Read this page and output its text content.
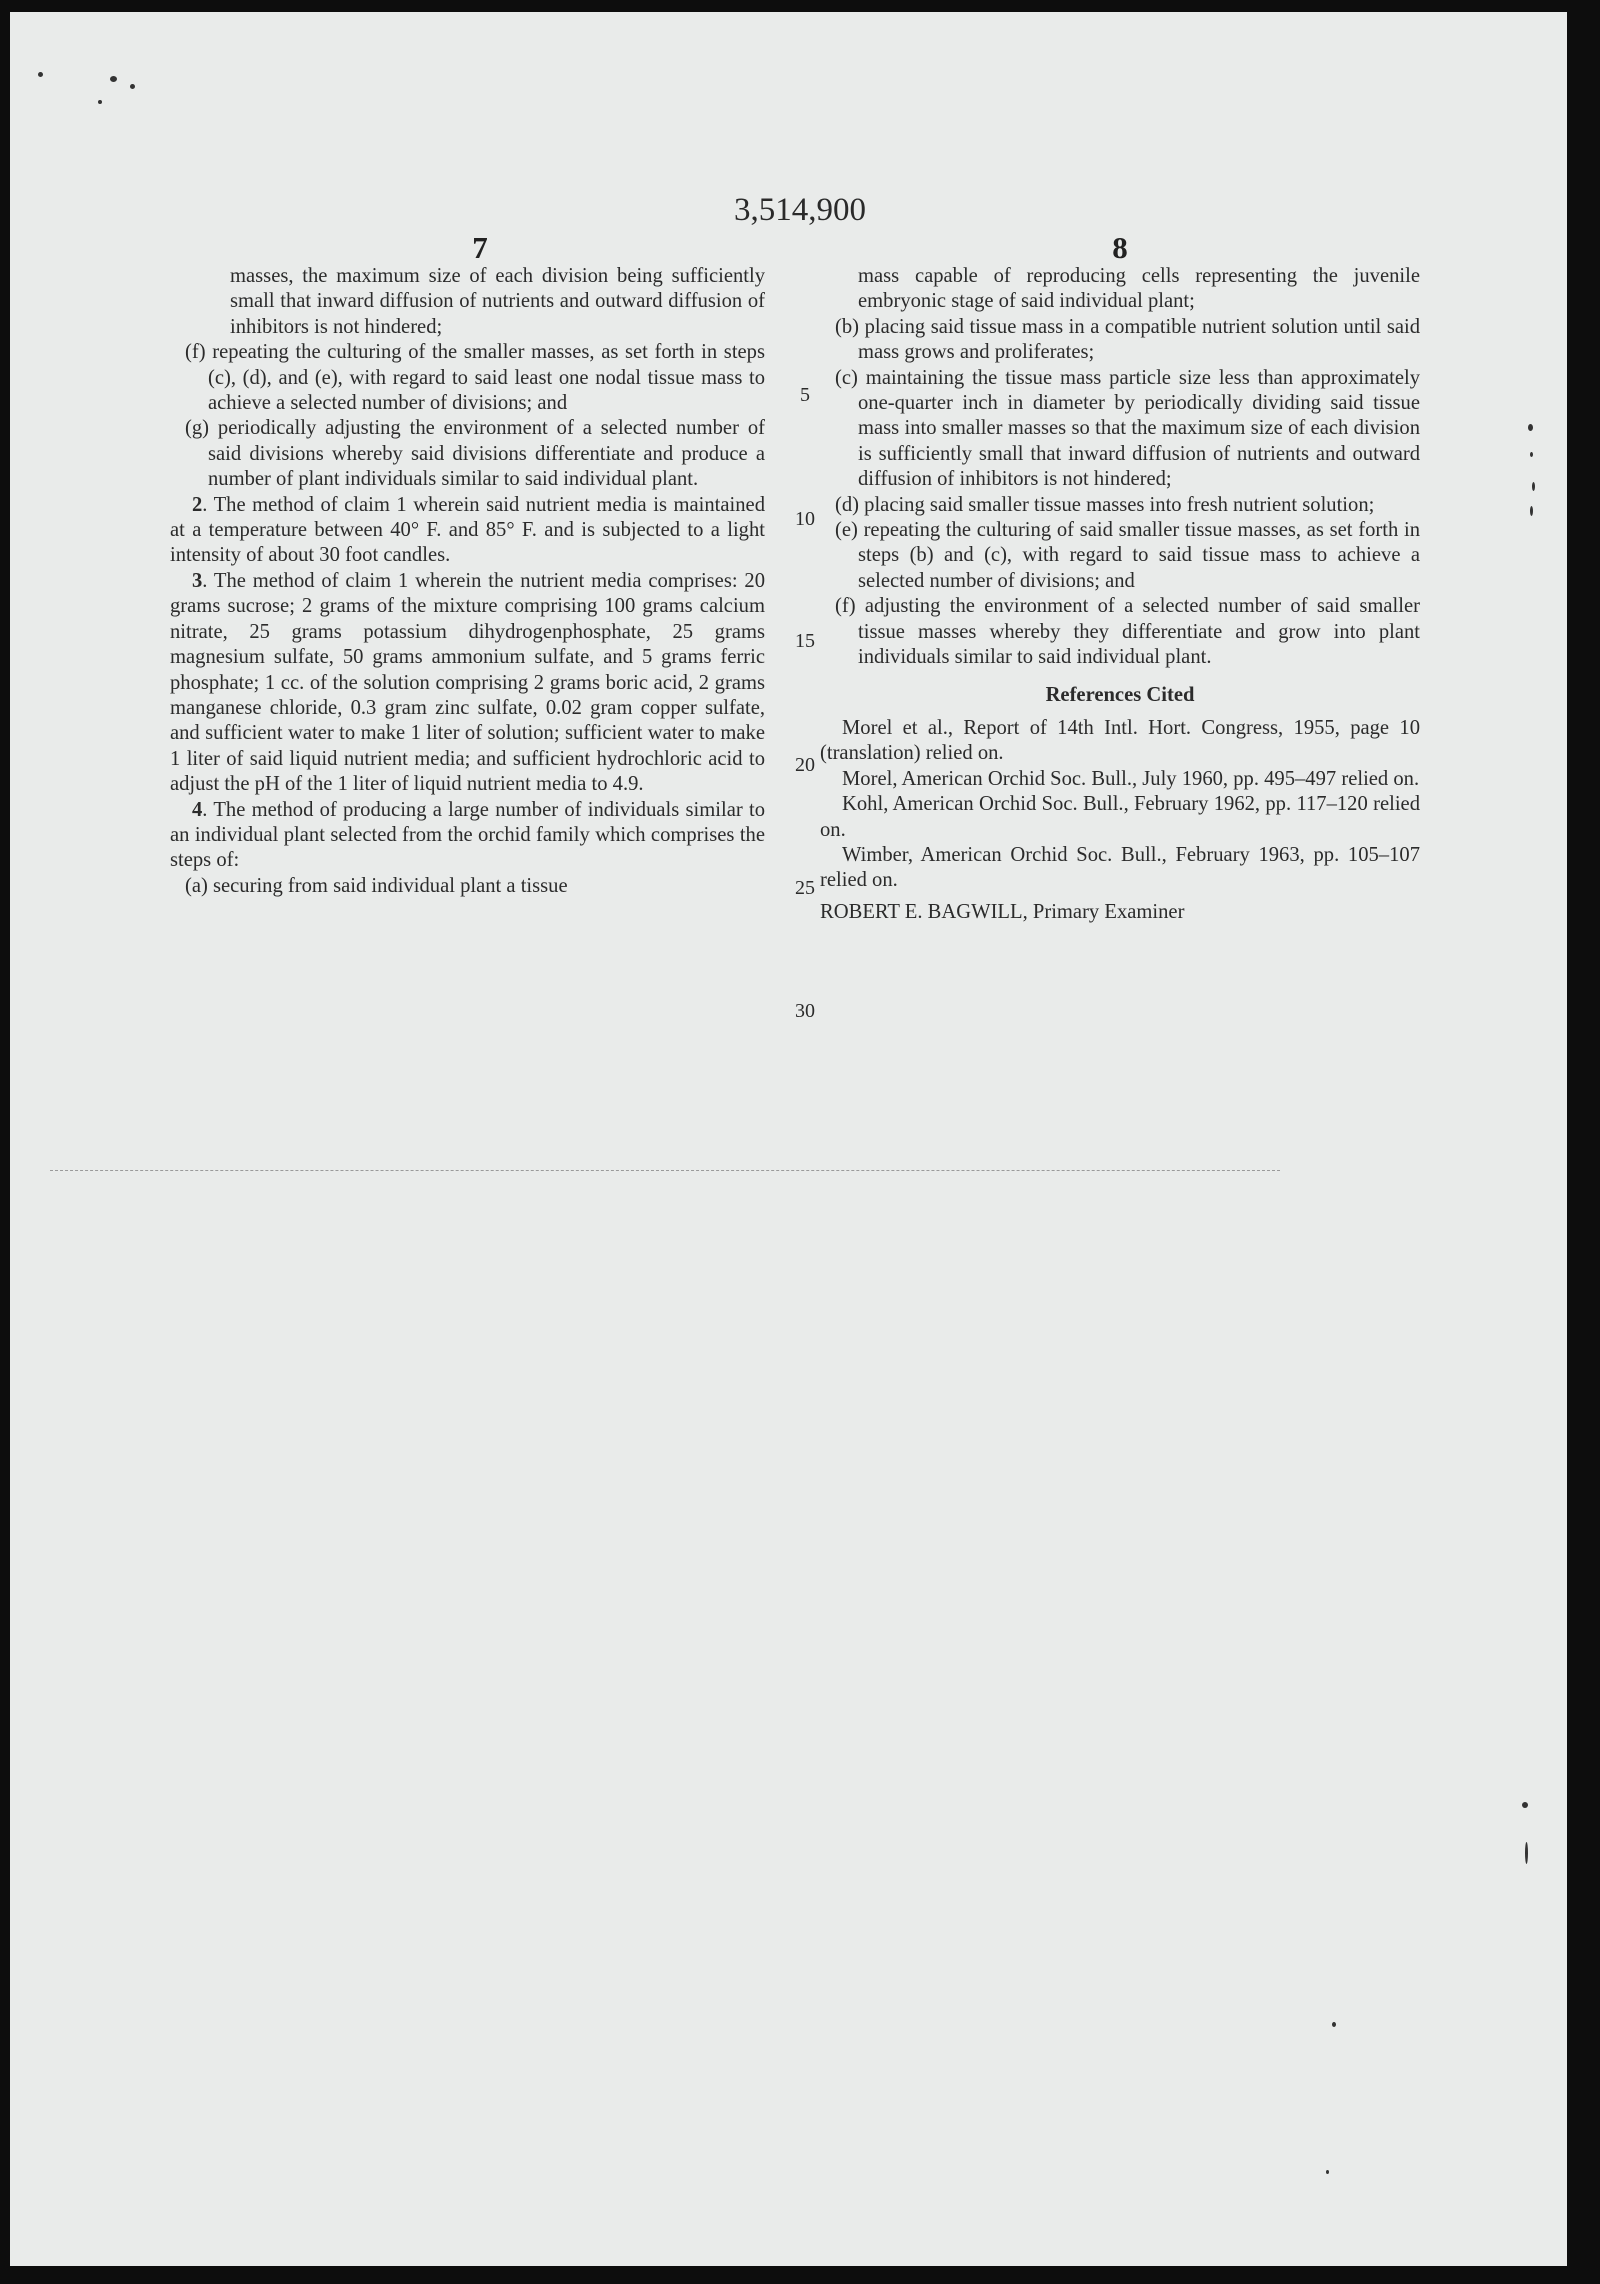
3,514,900
7	8

masses, the maximum size of each division being sufficiently small that inward diffusion of nutrients and outward diffusion of inhibitors is not hindered;

(f) repeating the culturing of the smaller masses, as set forth in steps (c), (d), and (e), with regard to said least one nodal tissue mass to achieve a selected number of divisions; and

(g) periodically adjusting the environment of a selected number of said divisions whereby said divisions differentiate and produce a number of plant individuals similar to said individual plant.

2. The method of claim 1 wherein said nutrient media is maintained at a temperature between 40° F. and 85° F. and is subjected to a light intensity of about 30 foot candles.

3. The method of claim 1 wherein the nutrient media comprises: 20 grams sucrose; 2 grams of the mixture comprising 100 grams calcium nitrate, 25 grams potassium dihydrogenphosphate, 25 grams magnesium sulfate, 50 grams ammonium sulfate, and 5 grams ferric phosphate; 1 cc. of the solution comprising 2 grams boric acid, 2 grams manganese chloride, 0.3 gram zinc sulfate, 0.02 gram copper sulfate, and sufficient water to make 1 liter of solution; sufficient water to make 1 liter of said liquid nutrient media; and sufficient hydrochloric acid to adjust the pH of the 1 liter of liquid nutrient media to 4.9.

4. The method of producing a large number of individuals similar to an individual plant selected from the orchid family which comprises the steps of:

(a) securing from said individual plant a tissue

5
10
15
20
25
30

mass capable of reproducing cells representing the juvenile embryonic stage of said individual plant;

(b) placing said tissue mass in a compatible nutrient solution until said mass grows and proliferates;

(c) maintaining the tissue mass particle size less than approximately one-quarter inch in diameter by periodically dividing said tissue mass into smaller masses so that the maximum size of each division is sufficiently small that inward diffusion of nutrients and outward diffusion of inhibitors is not hindered;

(d) placing said smaller tissue masses into fresh nutrient solution;

(e) repeating the culturing of said smaller tissue masses, as set forth in steps (b) and (c), with regard to said tissue mass to achieve a selected number of divisions; and

(f) adjusting the environment of a selected number of said smaller tissue masses whereby they differentiate and grow into plant individuals similar to said individual plant.

References Cited

Morel et al., Report of 14th Intl. Hort. Congress, 1955, page 10 (translation) relied on.

Morel, American Orchid Soc. Bull., July 1960, pp. 495–497 relied on.

Kohl, American Orchid Soc. Bull., February 1962, pp. 117–120 relied on.

Wimber, American Orchid Soc. Bull., February 1963, pp. 105–107 relied on.

ROBERT E. BAGWILL, Primary Examiner
